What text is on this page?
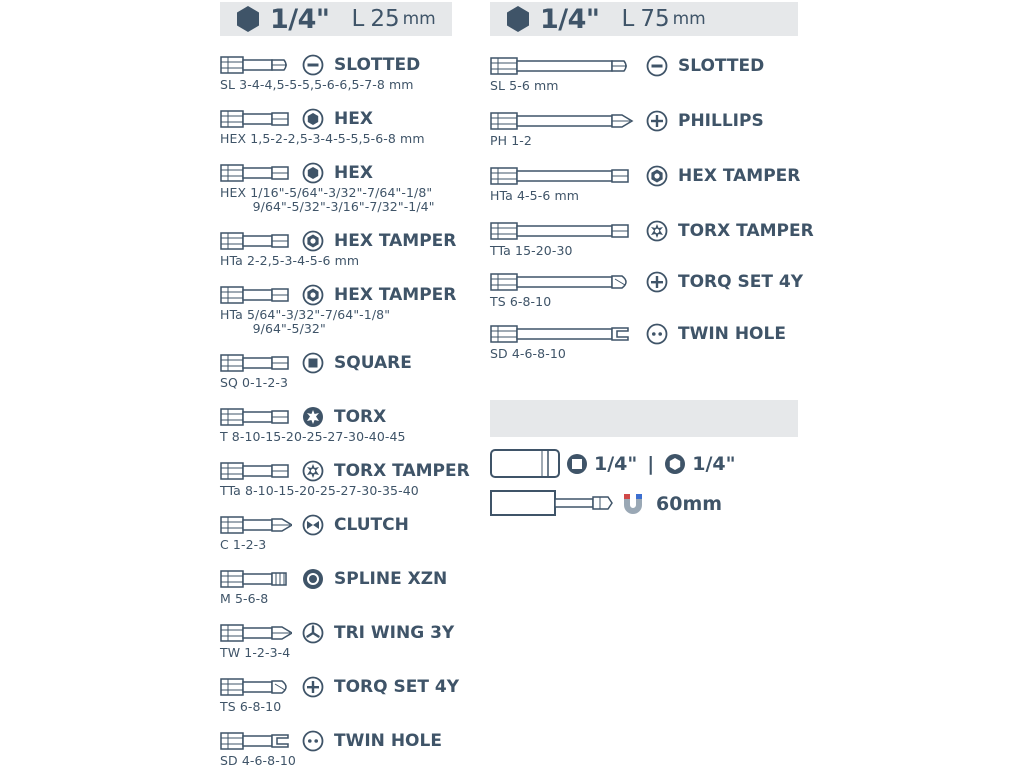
1/4" L 25 mm	1/4" L 75 mm
SLOTTED
SL 3-4-4,5-5-5,5-6-6,5-7-8 mm
HEX
HEX 1,5-2-2,5-3-4-5-5,5-6-8 mm
HEX
HEX 1/16"-5/64"-3/32"-7/64"-1/8"
9/64"-5/32"-3/16"-7/32"-1/4"
HEX TAMPER
HTa 2-2,5-3-4-5-6 mm
HEX TAMPER
HTa 5/64"-3/32"-7/64"-1/8"
9/64"-5/32"
SQUARE
SQ 0-1-2-3
TORX
T 8-10-15-20-25-27-30-40-45
TORX TAMPER
TTa 8-10-15-20-25-27-30-35-40
CLUTCH
C 1-2-3
SPLINE XZN
M 5-6-8
TRI WING 3Y
TW 1-2-3-4
TORQ SET 4Y
TS 6-8-10
TWIN HOLE
SD 4-6-8-10
SLOTTED
SL 5-6 mm
PHILLIPS
PH 1-2
HEX TAMPER
HTa 4-5-6 mm
TORX TAMPER
TTa 15-20-30
TORQ SET 4Y
TS 6-8-10
TWIN HOLE
SD 4-6-8-10
1/4" | 1/4"
60mm
